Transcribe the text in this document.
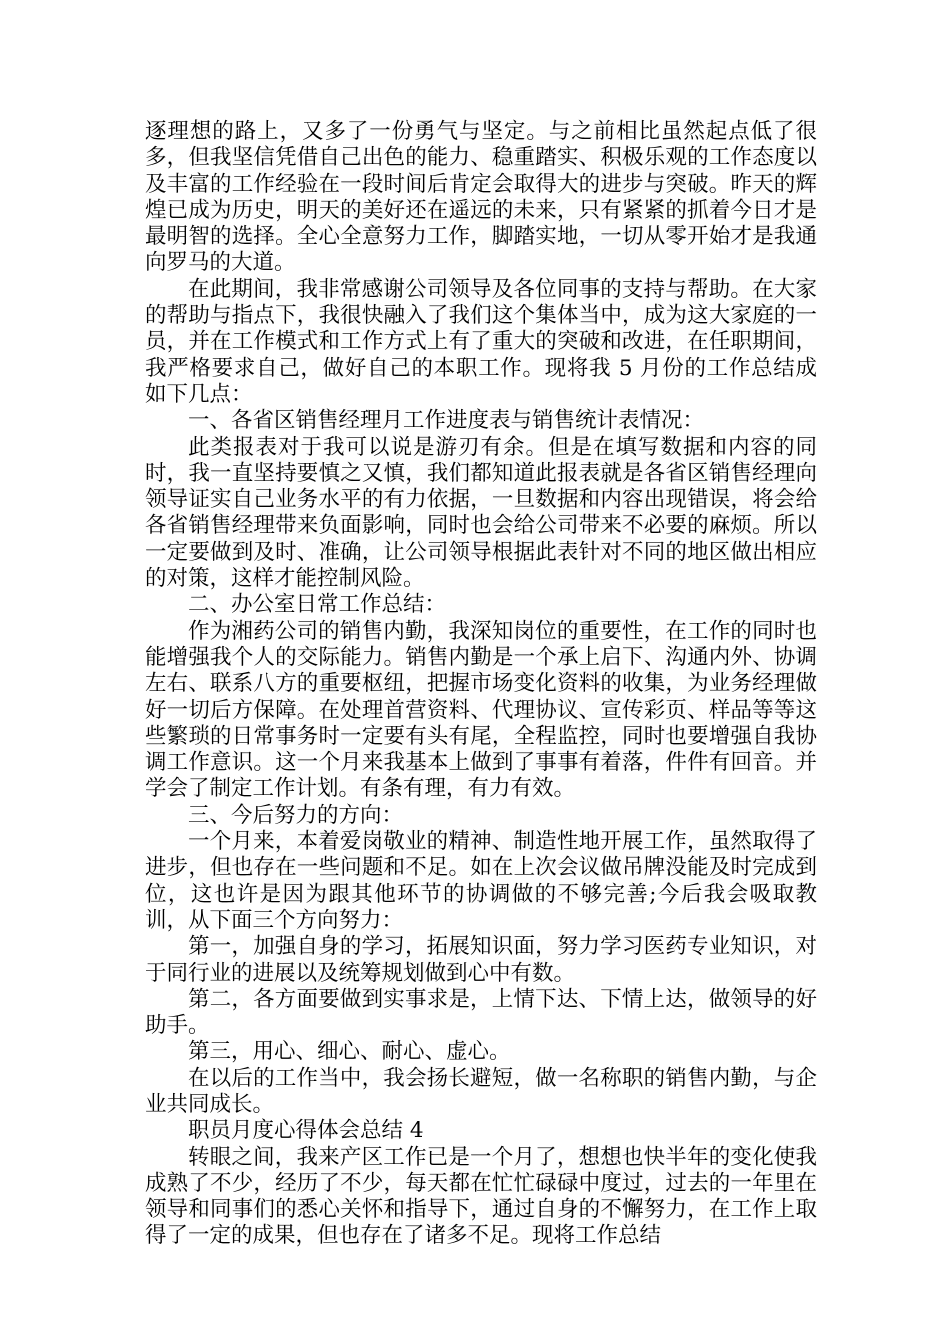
逐理想的路上，又多了一份勇气与坚定。与之前相比虽然起点低了很多，但我坚信凭借自己出色的能力、稳重踏实、积极乐观的工作态度以及丰富的工作经验在一段时间后肯定会取得大的进步与突破。昨天的辉煌已成为历史，明天的美好还在遥远的未来，只有紧紧的抓着今日才是最明智的选择。全心全意努力工作，脚踏实地，一切从零开始才是我通向罗马的大道。

在此期间，我非常感谢公司领导及各位同事的支持与帮助。在大家的帮助与指点下，我很快融入了我们这个集体当中，成为这大家庭的一员，并在工作模式和工作方式上有了重大的突破和改进，在任职期间，我严格要求自己，做好自己的本职工作。现将我 5 月份的工作总结成如下几点：

一、各省区销售经理月工作进度表与销售统计表情况：

此类报表对于我可以说是游刃有余。但是在填写数据和内容的同时，我一直坚持要慎之又慎，我们都知道此报表就是各省区销售经理向领导证实自己业务水平的有力依据，一旦数据和内容出现错误，将会给各省销售经理带来负面影响，同时也会给公司带来不必要的麻烦。所以一定要做到及时、准确，让公司领导根据此表针对不同的地区做出相应的对策，这样才能控制风险。

二、办公室日常工作总结：

作为湘药公司的销售内勤，我深知岗位的重要性，在工作的同时也能增强我个人的交际能力。销售内勤是一个承上启下、沟通内外、协调左右、联系八方的重要枢纽，把握市场变化资料的收集，为业务经理做好一切后方保障。在处理首营资料、代理协议、宣传彩页、样品等等这些繁琐的日常事务时一定要有头有尾，全程监控，同时也要增强自我协调工作意识。这一个月来我基本上做到了事事有着落，件件有回音。并学会了制定工作计划。有条有理，有力有效。

三、今后努力的方向：

一个月来，本着爱岗敬业的精神、制造性地开展工作，虽然取得了进步，但也存在一些问题和不足。如在上次会议做吊牌没能及时完成到位，这也许是因为跟其他环节的协调做的不够完善;今后我会吸取教训，从下面三个方向努力：

第一，加强自身的学习，拓展知识面，努力学习医药专业知识，对于同行业的进展以及统筹规划做到心中有数。

第二，各方面要做到实事求是，上情下达、下情上达，做领导的好助手。

第三，用心、细心、耐心、虚心。

在以后的工作当中，我会扬长避短，做一名称职的销售内勤，与企业共同成长。

职员月度心得体会总结 4

转眼之间，我来产区工作已是一个月了，想想也快半年的变化使我成熟了不少，经历了不少，每天都在忙忙碌碌中度过，过去的一年里在领导和同事们的悉心关怀和指导下，通过自身的不懈努力，在工作上取得了一定的成果，但也存在了诸多不足。现将工作总结
